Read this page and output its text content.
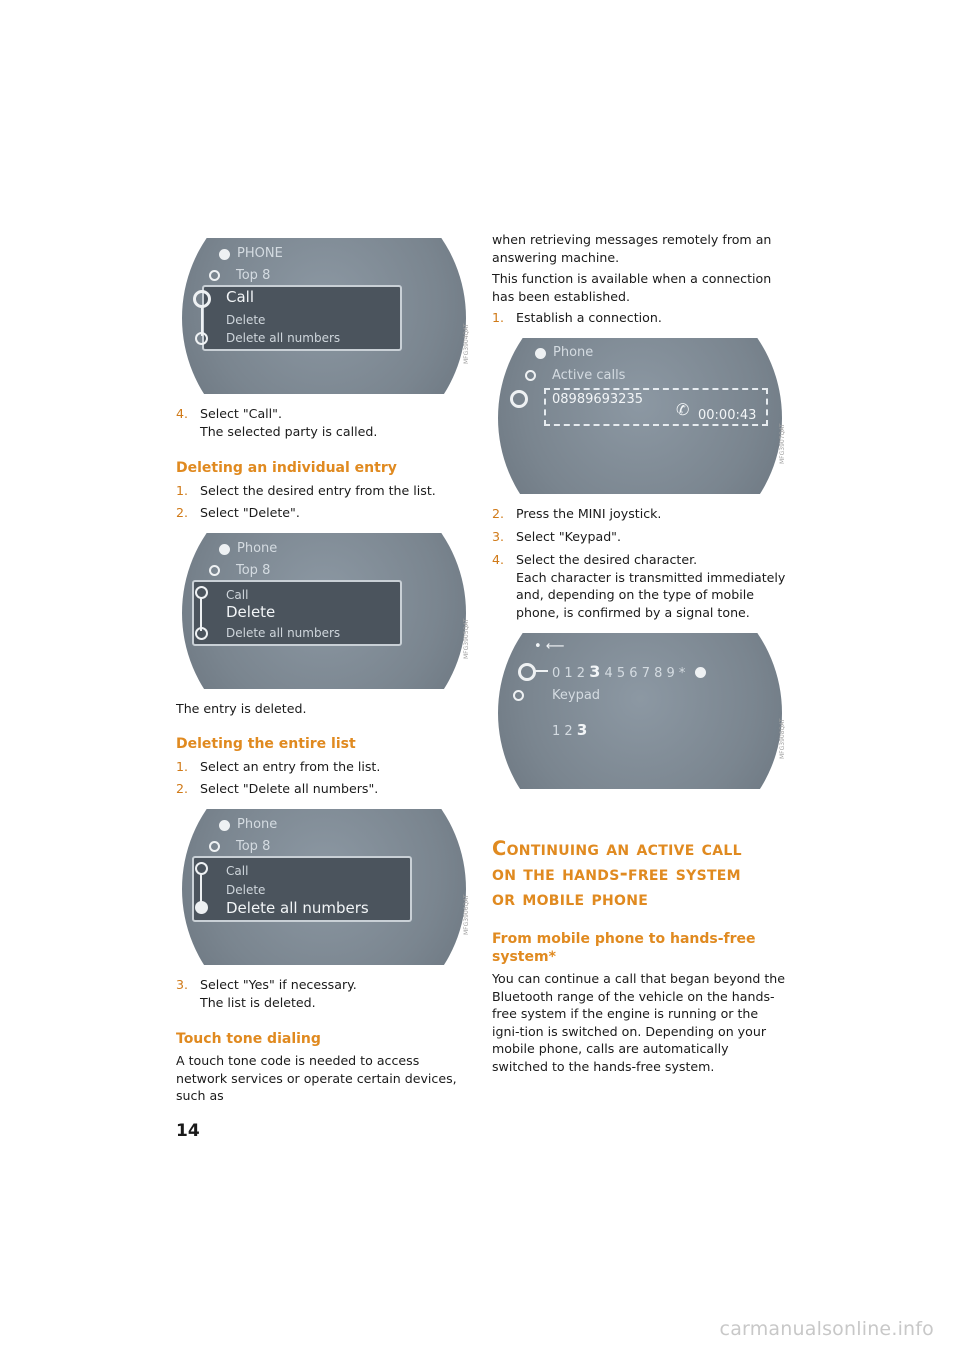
PHONE
Top 8
Call
Delete
Delete all numbers	MFG3904QAT
4. Select "Call".
The selected party is called.
Deleting an individual entry
1. Select the desired entry from the list.
2. Select "Delete".
Phone
Top 8
Call
Delete
Delete all numbers	MFG3905QAT

The entry is deleted.

Deleting the entire list
1. Select an entry from the list.
2. Select "Delete all numbers".
Phone
Top 8
Call
Delete
Delete all numbers	MFG3906QAT
3. Select "Yes" if necessary.
The list is deleted.
Touch tone dialing

A touch tone code is needed to access network services or operate certain devices, such as

when retrieving messages remotely from an answering machine.

This function is available when a connection has been established.

1. Establish a connection.
Phone
Active calls
08989693235
✆ 00:00:43
MFG3907QAT
2. Press the MINI joystick.
3. Select "Keypad".
4. Select the desired character.
Each character is transmitted immediately and, depending on the type of mobile phone, is confirmed by a signal tone.
• ⟵
0 1 2 3 4 5 6 7 8 9 *
Keypad
1 2 3	MFG3908QAT
Continuing an active call
on the hands-free system
or mobile phone
From mobile phone to hands-free
system*

You can continue a call that began beyond the Bluetooth range of the vehicle on the hands-free system if the engine is running or the igni-tion is switched on. Depending on your mobile phone, calls are automatically switched to the hands-free system.

14
carmanualsonline.info
